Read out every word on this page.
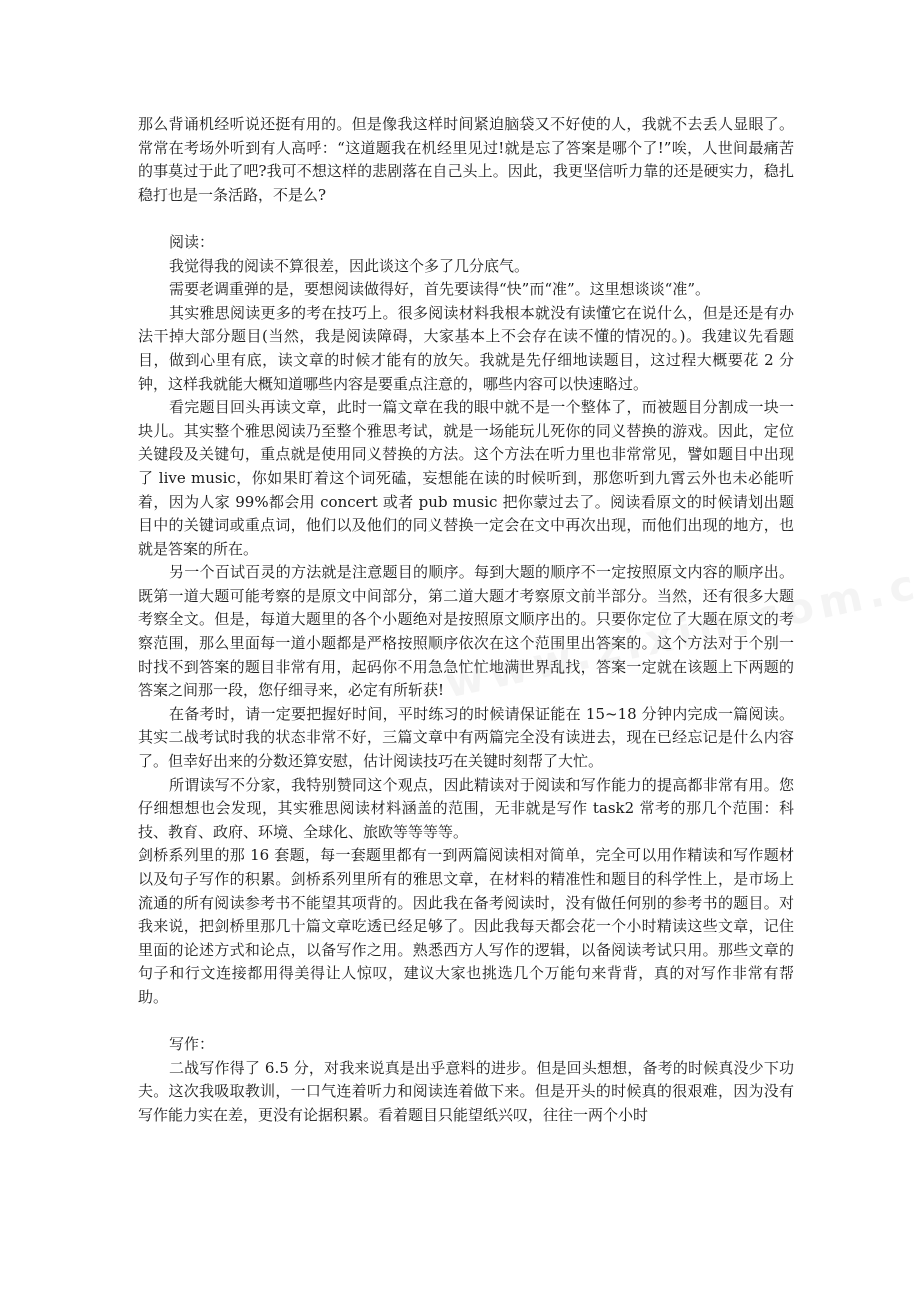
那么背诵机经听说还挺有用的。但是像我这样时间紧迫脑袋又不好使的人，我就不去丢人显眼了。常常在考场外听到有人高呼：“这道题我在机经里见过!就是忘了答案是哪个了!”唉，人世间最痛苦的事莫过于此了吧?我可不想这样的悲剧落在自己头上。因此，我更坚信听力靠的还是硬实力，稳扎稳打也是一条活路，不是么?

阅读：

我觉得我的阅读不算很差，因此谈这个多了几分底气。

需要老调重弹的是，要想阅读做得好，首先要读得“快”而“准”。这里想谈谈“准”。

其实雅思阅读更多的考在技巧上。很多阅读材料我根本就没有读懂它在说什么，但是还是有办法干掉大部分题目(当然，我是阅读障碍，大家基本上不会存在读不懂的情况的。)。我建议先看题目，做到心里有底，读文章的时候才能有的放矢。我就是先仔细地读题目，这过程大概要花 2 分钟，这样我就能大概知道哪些内容是要重点注意的，哪些内容可以快速略过。

看完题目回头再读文章，此时一篇文章在我的眼中就不是一个整体了，而被题目分割成一块一块儿。其实整个雅思阅读乃至整个雅思考试，就是一场能玩儿死你的同义替换的游戏。因此，定位关键段及关键句，重点就是使用同义替换的方法。这个方法在听力里也非常常见，譬如题目中出现了 live music，你如果盯着这个词死磕，妄想能在读的时候听到，那您听到九霄云外也未必能听着，因为人家 99%都会用 concert 或者 pub music 把你蒙过去了。阅读看原文的时候请划出题目中的关键词或重点词，他们以及他们的同义替换一定会在文中再次出现，而他们出现的地方，也就是答案的所在。

另一个百试百灵的方法就是注意题目的顺序。每到大题的顺序不一定按照原文内容的顺序出。既第一道大题可能考察的是原文中间部分，第二道大题才考察原文前半部分。当然，还有很多大题考察全文。但是，每道大题里的各个小题绝对是按照原文顺序出的。只要你定位了大题在原文的考察范围，那么里面每一道小题都是严格按照顺序依次在这个范围里出答案的。这个方法对于个别一时找不到答案的题目非常有用，起码你不用急急忙忙地满世界乱找，答案一定就在该题上下两题的答案之间那一段，您仔细寻来，必定有所斩获!

在备考时，请一定要把握好时间，平时练习的时候请保证能在 15~18 分钟内完成一篇阅读。其实二战考试时我的状态非常不好，三篇文章中有两篇完全没有读进去，现在已经忘记是什么内容了。但幸好出来的分数还算安慰，估计阅读技巧在关键时刻帮了大忙。

所谓读写不分家，我特别赞同这个观点，因此精读对于阅读和写作能力的提高都非常有用。您仔细想想也会发现，其实雅思阅读材料涵盖的范围，无非就是写作 task2 常考的那几个范围：科技、教育、政府、环境、全球化、旅欧等等等等。

剑桥系列里的那 16 套题，每一套题里都有一到两篇阅读相对简单，完全可以用作精读和写作题材以及句子写作的积累。剑桥系列里所有的雅思文章，在材料的精准性和题目的科学性上，是市场上流通的所有阅读参考书不能望其项背的。因此我在备考阅读时，没有做任何别的参考书的题目。对我来说，把剑桥里那几十篇文章吃透已经足够了。因此我每天都会花一个小时精读这些文章，记住里面的论述方式和论点，以备写作之用。熟悉西方人写作的逻辑，以备阅读考试只用。那些文章的句子和行文连接都用得美得让人惊叹，建议大家也挑选几个万能句来背背，真的对写作非常有帮助。

写作：

二战写作得了 6.5 分，对我来说真是出乎意料的进步。但是回头想想，备考的时候真没少下功夫。这次我吸取教训，一口气连着听力和阅读连着做下来。但是开头的时候真的很艰难，因为没有写作能力实在差，更没有论据积累。看着题目只能望纸兴叹，往往一两个小时
